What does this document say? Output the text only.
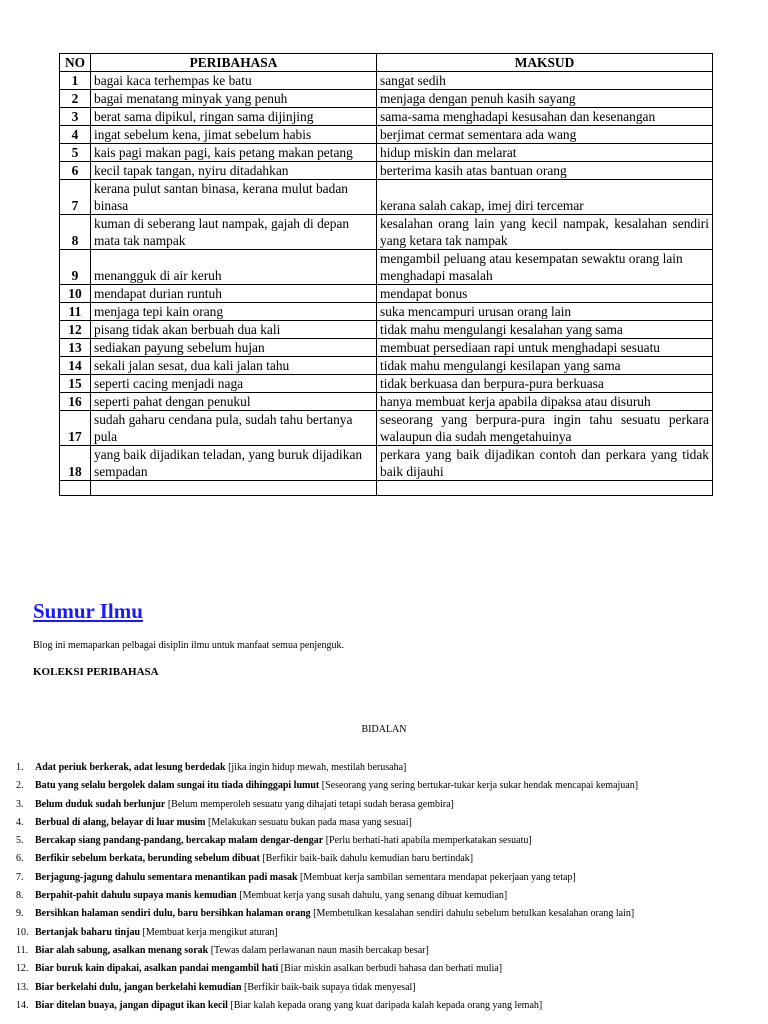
NO	PERIBAHASA	MAKSUD
1	bagai kaca terhempas ke batu	sangat sedih
2	bagai menatang minyak yang penuh	menjaga dengan penuh kasih sayang
3	berat sama dipikul, ringan sama dijinjing	sama-sama menghadapi kesusahan dan kesenangan
4	ingat sebelum kena, jimat sebelum habis	berjimat cermat sementara ada wang
5	kais pagi makan pagi, kais petang makan petang	hidup miskin dan melarat
6	kecil tapak tangan, nyiru ditadahkan	berterima kasih atas bantuan orang
7	kerana pulut santan binasa, kerana mulut badan binasa	kerana salah cakap, imej diri tercemar
8	kuman di seberang laut nampak, gajah di depan mata tak nampak	kesalahan orang lain yang kecil nampak, kesalahan sendiri yang ketara tak nampak
9	menangguk di air keruh	mengambil peluang atau kesempatan sewaktu orang lain menghadapi masalah
10	mendapat durian runtuh	mendapat bonus
11	menjaga tepi kain orang	suka mencampuri urusan orang lain
12	pisang tidak akan berbuah dua kali	tidak mahu mengulangi kesalahan yang sama
13	sediakan payung sebelum hujan	membuat persediaan rapi untuk menghadapi sesuatu
14	sekali jalan sesat, dua kali jalan tahu	tidak mahu mengulangi kesilapan yang sama
15	seperti cacing menjadi naga	tidak berkuasa dan berpura-pura berkuasa
16	seperti pahat dengan penukul	hanya membuat kerja apabila dipaksa atau disuruh
17	sudah gaharu cendana pula, sudah tahu bertanya pula	seseorang yang berpura-pura ingin tahu sesuatu perkara walaupun dia sudah mengetahuinya
18	yang baik dijadikan teladan, yang buruk dijadikan sempadan	perkara yang baik dijadikan contoh dan perkara yang tidak baik dijauhi

Sumur Ilmu

Blog ini memaparkan pelbagai disiplin ilmu untuk manfaat semua penjenguk.

KOLEKSI PERIBAHASA

BIDALAN

1. Adat periuk berkerak, adat lesung berdedak [jika ingin hidup mewah, mestilah berusaha]
2. Batu yang selalu bergolek dalam sungai itu tiada dihinggapi lumut [Seseorang yang sering bertukar-tukar kerja sukar hendak mencapai kemajuan]
3. Belum duduk sudah berlunjur [Belum memperoleh sesuatu yang dihajati tetapi sudah berasa gembira]
4. Berbual di alang, belayar di luar musim [Melakukan sesuatu bukan pada masa yang sesuai]
5. Bercakap siang pandang-pandang, bercakap malam dengar-dengar [Perlu berhati-hati apabila memperkatakan sesuatu]
6. Berfikir sebelum berkata, berunding sebelum dibuat [Berfikir baik-baik dahulu kemudian baru bertindak]
7. Berjagung-jagung dahulu sementara menantikan padi masak [Membuat kerja sambilan sementara mendapat pekerjaan yang tetap]
8. Berpahit-pahit dahulu supaya manis kemudian [Membuat kerja yang susah dahulu, yang senang dibuat kemudian]
9. Bersihkan halaman sendiri dulu, baru bersihkan halaman orang [Membetulkan kesalahan sendiri dahulu sebelum betulkan kesalahan orang lain]
10. Bertanjak baharu tinjau [Membuat kerja mengikut aturan]
11. Biar alah sabung, asalkan menang sorak [Tewas dalam perlawanan naun masih bercakap besar]
12. Biar buruk kain dipakai, asalkan pandai mengambil hati [Biar miskin asalkan berbudi bahasa dan berhati mulia]
13. Biar berkelahi dulu, jangan berkelahi kemudian [Berfikir baik-baik supaya tidak menyesal]
14. Biar ditelan buaya, jangan dipagut ikan kecil [Biar kalah kepada orang yang kuat daripada kalah kepada orang yang lemah]
